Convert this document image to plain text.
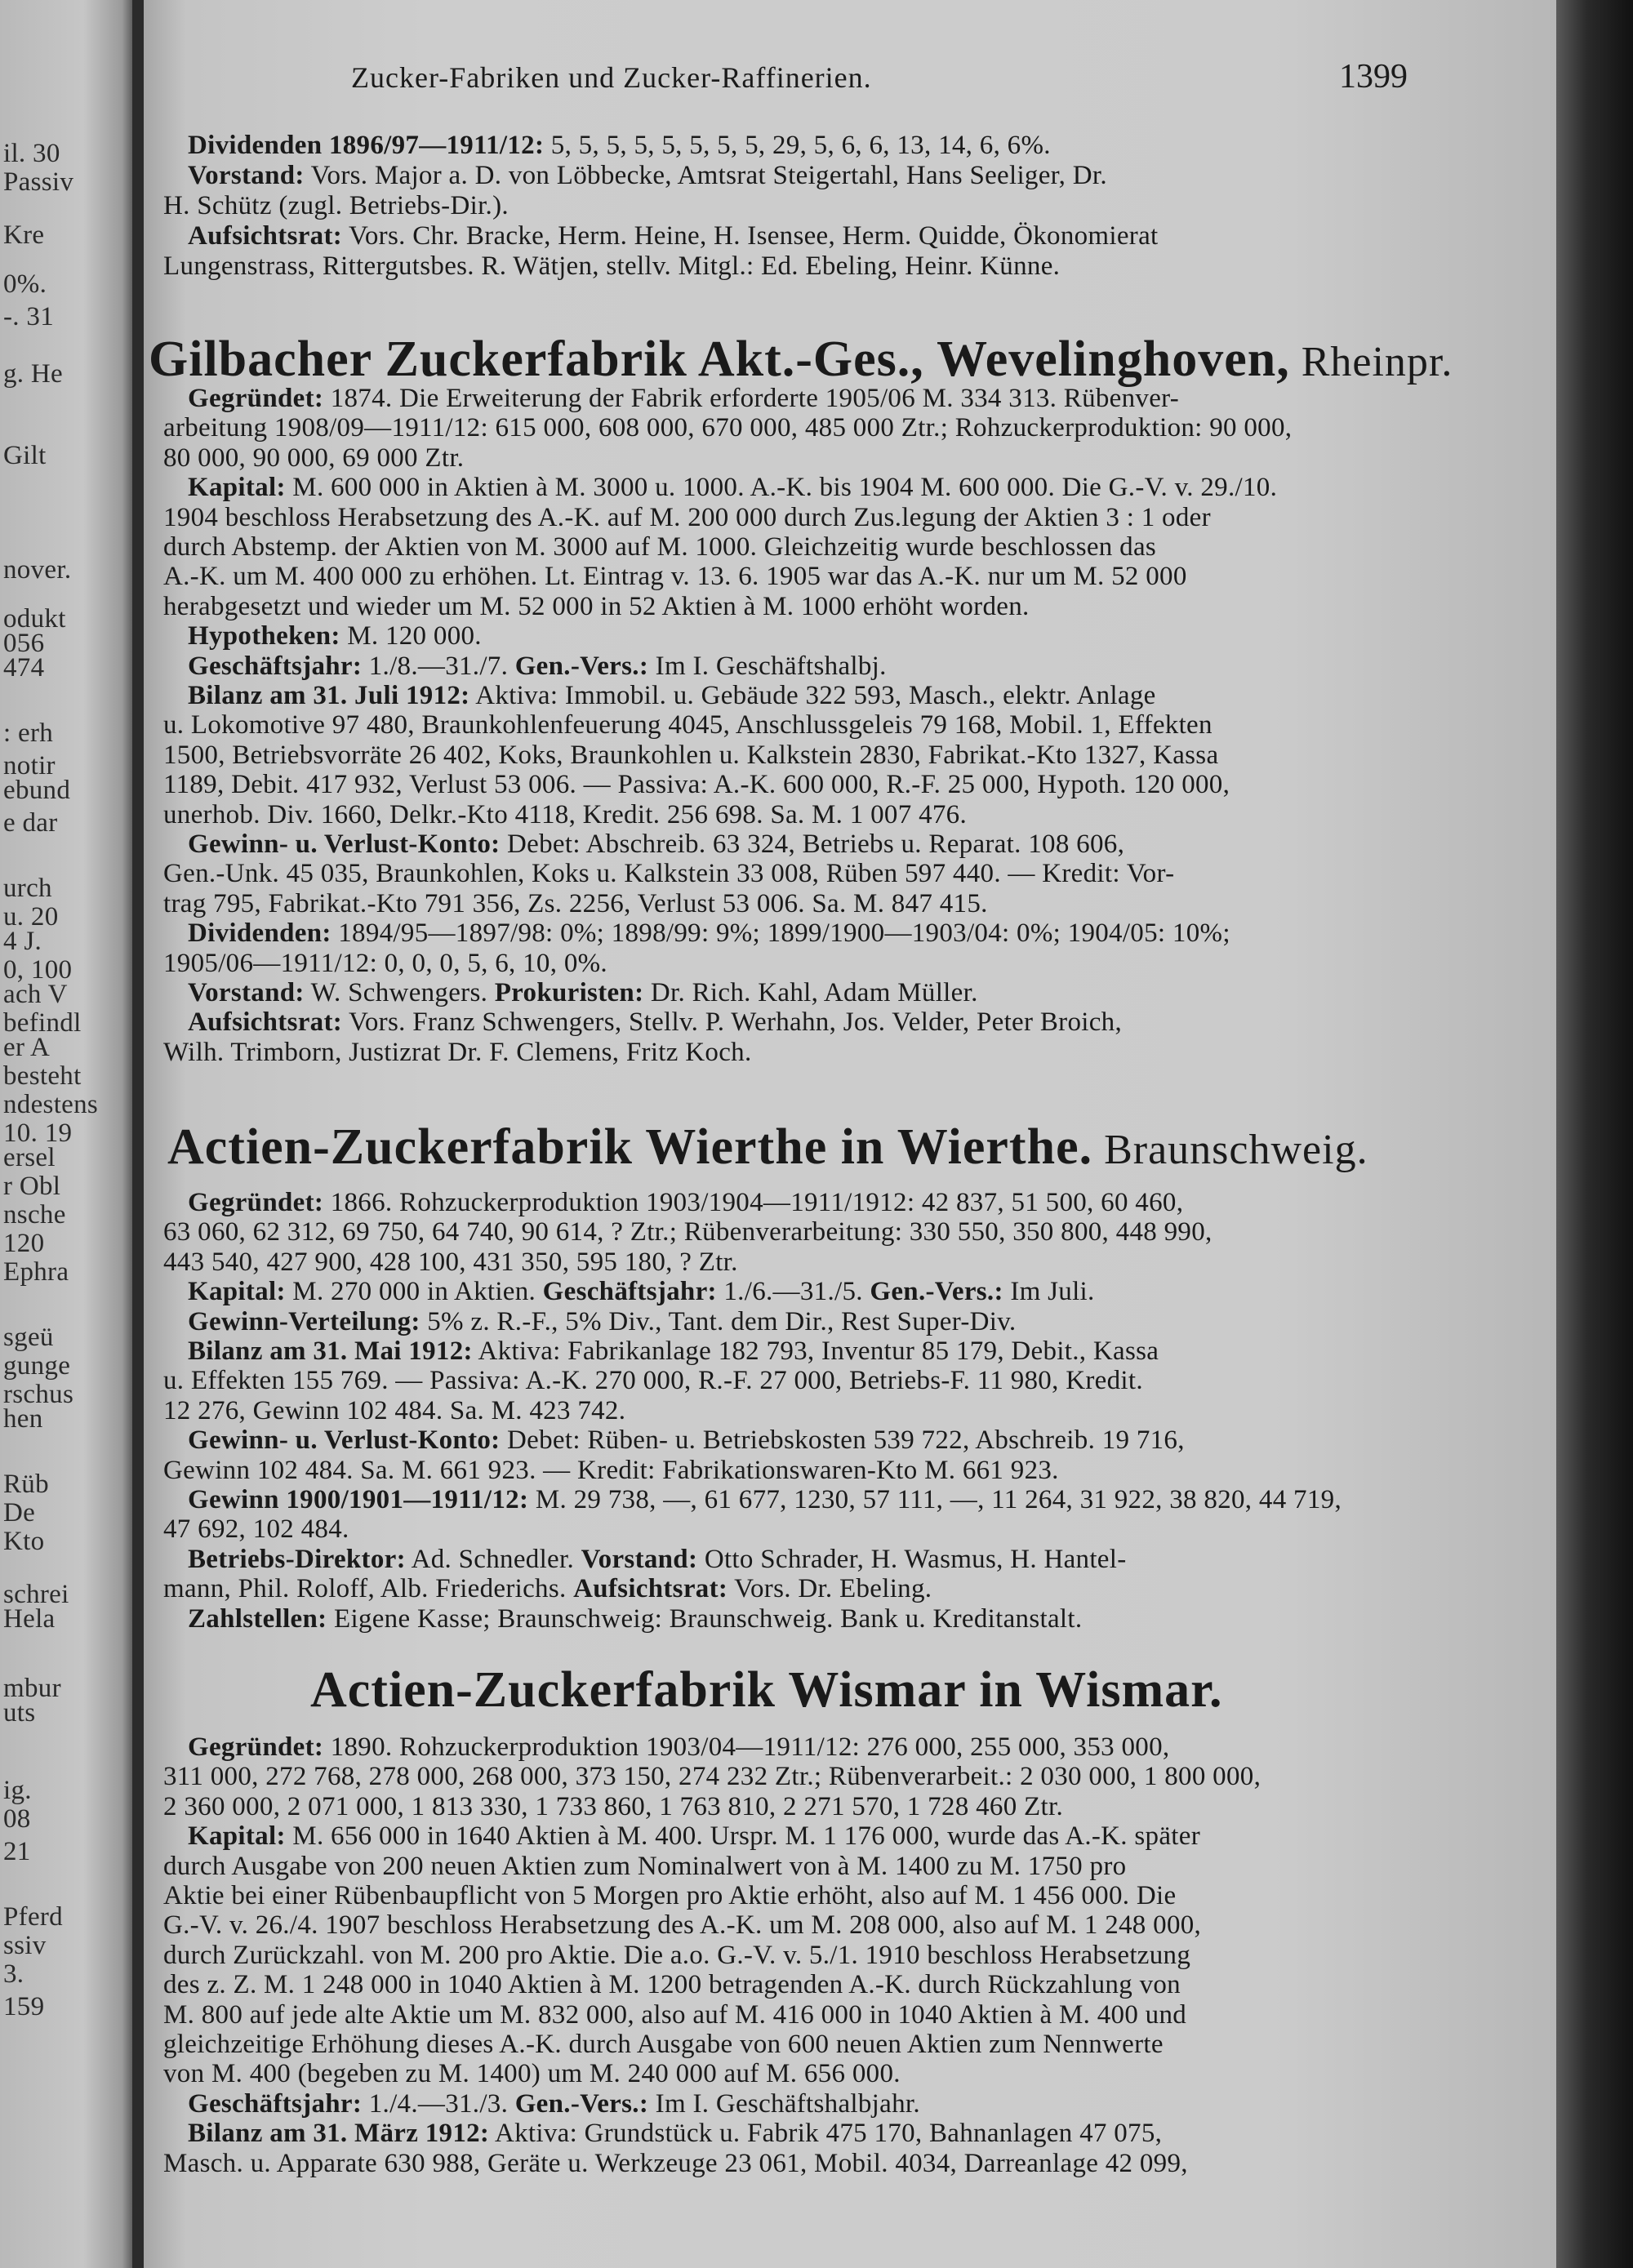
il. 30
Passiv
Kre
0%.
-. 31
g. He
Gilt
nover.
odukt
056
474
: erh
notir
ebund
e dar
urch
u. 20
4 J.
0, 100
ach V
befindl
er A
besteht
ndestens
10. 19
ersel
r Obl
nsche
120
Ephra
sgeü
gunge
rschus
hen
Rüb
De
Kto
schrei
Hela
mbur
uts
ig.
08
21
Pferd
ssiv
3.
159
Zucker-Fabriken und Zucker-Raffinerien.	1399
Dividenden 1896/97—1911/12: 5, 5, 5, 5, 5, 5, 5, 5, 29, 5, 6, 6, 13, 14, 6, 6%.
Vorstand: Vors. Major a. D. von Löbbecke, Amtsrat Steigertahl, Hans Seeliger, Dr.
H. Schütz (zugl. Betriebs-Dir.).
Aufsichtsrat: Vors. Chr. Bracke, Herm. Heine, H. Isensee, Herm. Quidde, Ökonomierat
Lungenstrass, Rittergutsbes. R. Wätjen, stellv. Mitgl.: Ed. Ebeling, Heinr. Künne.
Gilbacher Zuckerfabrik Akt.-Ges., Wevelinghoven, Rheinpr.
Gegründet: 1874. Die Erweiterung der Fabrik erforderte 1905/06 M. 334 313. Rübenver-
arbeitung 1908/09—1911/12: 615 000, 608 000, 670 000, 485 000 Ztr.; Rohzuckerproduktion: 90 000,
80 000, 90 000, 69 000 Ztr.
Kapital: M. 600 000 in Aktien à M. 3000 u. 1000. A.-K. bis 1904 M. 600 000. Die G.-V. v. 29./10.
1904 beschloss Herabsetzung des A.-K. auf M. 200 000 durch Zus.legung der Aktien 3 : 1 oder
durch Abstemp. der Aktien von M. 3000 auf M. 1000. Gleichzeitig wurde beschlossen das
A.-K. um M. 400 000 zu erhöhen. Lt. Eintrag v. 13. 6. 1905 war das A.-K. nur um M. 52 000
herabgesetzt und wieder um M. 52 000 in 52 Aktien à M. 1000 erhöht worden.
Hypotheken: M. 120 000.
Geschäftsjahr: 1./8.—31./7. Gen.-Vers.: Im I. Geschäftshalbj.
Bilanz am 31. Juli 1912: Aktiva: Immobil. u. Gebäude 322 593, Masch., elektr. Anlage
u. Lokomotive 97 480, Braunkohlenfeuerung 4045, Anschlussgeleis 79 168, Mobil. 1, Effekten
1500, Betriebsvorräte 26 402, Koks, Braunkohlen u. Kalkstein 2830, Fabrikat.-Kto 1327, Kassa
1189, Debit. 417 932, Verlust 53 006. — Passiva: A.-K. 600 000, R.-F. 25 000, Hypoth. 120 000,
unerhob. Div. 1660, Delkr.-Kto 4118, Kredit. 256 698. Sa. M. 1 007 476.
Gewinn- u. Verlust-Konto: Debet: Abschreib. 63 324, Betriebs u. Reparat. 108 606,
Gen.-Unk. 45 035, Braunkohlen, Koks u. Kalkstein 33 008, Rüben 597 440. — Kredit: Vor-
trag 795, Fabrikat.-Kto 791 356, Zs. 2256, Verlust 53 006. Sa. M. 847 415.
Dividenden: 1894/95—1897/98: 0%; 1898/99: 9%; 1899/1900—1903/04: 0%; 1904/05: 10%;
1905/06—1911/12: 0, 0, 0, 5, 6, 10, 0%.
Vorstand: W. Schwengers. Prokuristen: Dr. Rich. Kahl, Adam Müller.
Aufsichtsrat: Vors. Franz Schwengers, Stellv. P. Werhahn, Jos. Velder, Peter Broich,
Wilh. Trimborn, Justizrat Dr. F. Clemens, Fritz Koch.
Actien-Zuckerfabrik Wierthe in Wierthe. Braunschweig.
Gegründet: 1866. Rohzuckerproduktion 1903/1904—1911/1912: 42 837, 51 500, 60 460,
63 060, 62 312, 69 750, 64 740, 90 614, ? Ztr.; Rübenverarbeitung: 330 550, 350 800, 448 990,
443 540, 427 900, 428 100, 431 350, 595 180, ? Ztr.
Kapital: M. 270 000 in Aktien. Geschäftsjahr: 1./6.—31./5. Gen.-Vers.: Im Juli.
Gewinn-Verteilung: 5% z. R.-F., 5% Div., Tant. dem Dir., Rest Super-Div.
Bilanz am 31. Mai 1912: Aktiva: Fabrikanlage 182 793, Inventur 85 179, Debit., Kassa
u. Effekten 155 769. — Passiva: A.-K. 270 000, R.-F. 27 000, Betriebs-F. 11 980, Kredit.
12 276, Gewinn 102 484. Sa. M. 423 742.
Gewinn- u. Verlust-Konto: Debet: Rüben- u. Betriebskosten 539 722, Abschreib. 19 716,
Gewinn 102 484. Sa. M. 661 923. — Kredit: Fabrikationswaren-Kto M. 661 923.
Gewinn 1900/1901—1911/12: M. 29 738, —, 61 677, 1230, 57 111, —, 11 264, 31 922, 38 820, 44 719,
47 692, 102 484.
Betriebs-Direktor: Ad. Schnedler. Vorstand: Otto Schrader, H. Wasmus, H. Hantel-
mann, Phil. Roloff, Alb. Friederichs. Aufsichtsrat: Vors. Dr. Ebeling.
Zahlstellen: Eigene Kasse; Braunschweig: Braunschweig. Bank u. Kreditanstalt.
Actien-Zuckerfabrik Wismar in Wismar.
Gegründet: 1890. Rohzuckerproduktion 1903/04—1911/12: 276 000, 255 000, 353 000,
311 000, 272 768, 278 000, 268 000, 373 150, 274 232 Ztr.; Rübenverarbeit.: 2 030 000, 1 800 000,
2 360 000, 2 071 000, 1 813 330, 1 733 860, 1 763 810, 2 271 570, 1 728 460 Ztr.
Kapital: M. 656 000 in 1640 Aktien à M. 400. Urspr. M. 1 176 000, wurde das A.-K. später
durch Ausgabe von 200 neuen Aktien zum Nominalwert von à M. 1400 zu M. 1750 pro
Aktie bei einer Rübenbaupflicht von 5 Morgen pro Aktie erhöht, also auf M. 1 456 000. Die
G.-V. v. 26./4. 1907 beschloss Herabsetzung des A.-K. um M. 208 000, also auf M. 1 248 000,
durch Zurückzahl. von M. 200 pro Aktie. Die a.o. G.-V. v. 5./1. 1910 beschloss Herabsetzung
des z. Z. M. 1 248 000 in 1040 Aktien à M. 1200 betragenden A.-K. durch Rückzahlung von
M. 800 auf jede alte Aktie um M. 832 000, also auf M. 416 000 in 1040 Aktien à M. 400 und
gleichzeitige Erhöhung dieses A.-K. durch Ausgabe von 600 neuen Aktien zum Nennwerte
von M. 400 (begeben zu M. 1400) um M. 240 000 auf M. 656 000.
Geschäftsjahr: 1./4.—31./3. Gen.-Vers.: Im I. Geschäftshalbjahr.
Bilanz am 31. März 1912: Aktiva: Grundstück u. Fabrik 475 170, Bahnanlagen 47 075,
Masch. u. Apparate 630 988, Geräte u. Werkzeuge 23 061, Mobil. 4034, Darreanlage 42 099,
